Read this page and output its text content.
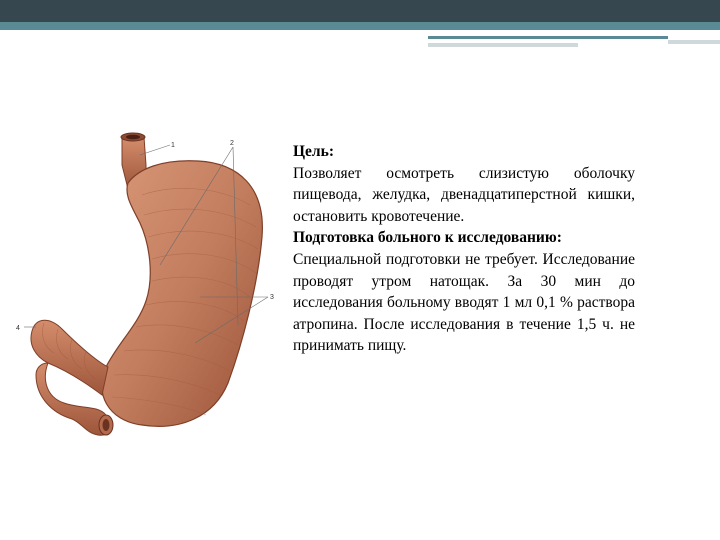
1	2
3
4

Цель:

Позволяет осмотреть слизистую оболочку пищевода, желудка, двенадцатиперстной кишки, остановить кровотечение.

Подготовка больного к исследованию:

Специальной подготовки не требует. Исследование проводят утром натощак. За 30 мин до исследования больному вводят 1 мл 0,1 % раствора атропина. После исследования в течение 1,5 ч. не принимать пищу.
